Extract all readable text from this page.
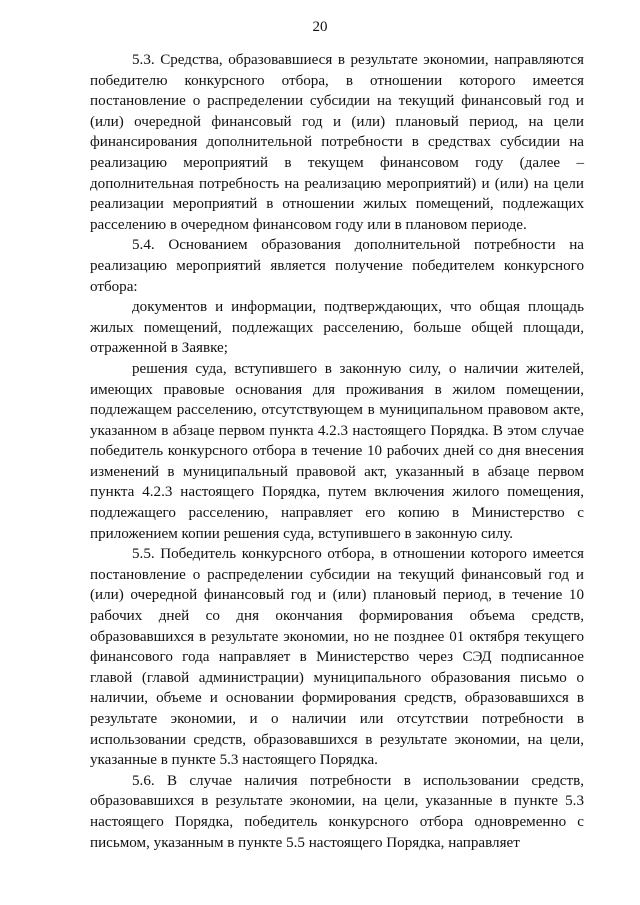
20

5.3. Средства, образовавшиеся в результате экономии, направляются победителю конкурсного отбора, в отношении которого имеется постановление о распределении субсидии на текущий финансовый год и (или) очередной финансовый год и (или) плановый период, на цели финансирования дополнительной потребности в средствах субсидии на реализацию мероприятий в текущем финансовом году (далее – дополнительная потребность на реализацию мероприятий) и (или) на цели реализации мероприятий в отношении жилых помещений, подлежащих расселению в очередном финансовом году или в плановом периоде.

5.4. Основанием образования дополнительной потребности на реализацию мероприятий является получение победителем конкурсного отбора:

документов и информации, подтверждающих, что общая площадь жилых помещений, подлежащих расселению, больше общей площади, отраженной в Заявке;

решения суда, вступившего в законную силу, о наличии жителей, имеющих правовые основания для проживания в жилом помещении, подлежащем расселению, отсутствующем в муниципальном правовом акте, указанном в абзаце первом пункта 4.2.3 настоящего Порядка. В этом случае победитель конкурсного отбора в течение 10 рабочих дней со дня внесения изменений в муниципальный правовой акт, указанный в абзаце первом пункта 4.2.3 настоящего Порядка, путем включения жилого помещения, подлежащего расселению, направляет его копию в Министерство с приложением копии решения суда, вступившего в законную силу.

5.5. Победитель конкурсного отбора, в отношении которого имеется постановление о распределении субсидии на текущий финансовый год и (или) очередной финансовый год и (или) плановый период, в течение 10 рабочих дней со дня окончания формирования объема средств, образовавшихся в результате экономии, но не позднее 01 октября текущего финансового года направляет в Министерство через СЭД подписанное главой (главой администрации) муниципального образования письмо о наличии, объеме и основании формирования средств, образовавшихся в результате экономии, и о наличии или отсутствии потребности в использовании средств, образовавшихся в результате экономии, на цели, указанные в пункте 5.3 настоящего Порядка.

5.6. В случае наличия потребности в использовании средств, образовавшихся в результате экономии, на цели, указанные в пункте 5.3 настоящего Порядка, победитель конкурсного отбора одновременно с письмом, указанным в пункте 5.5 настоящего Порядка, направляет
